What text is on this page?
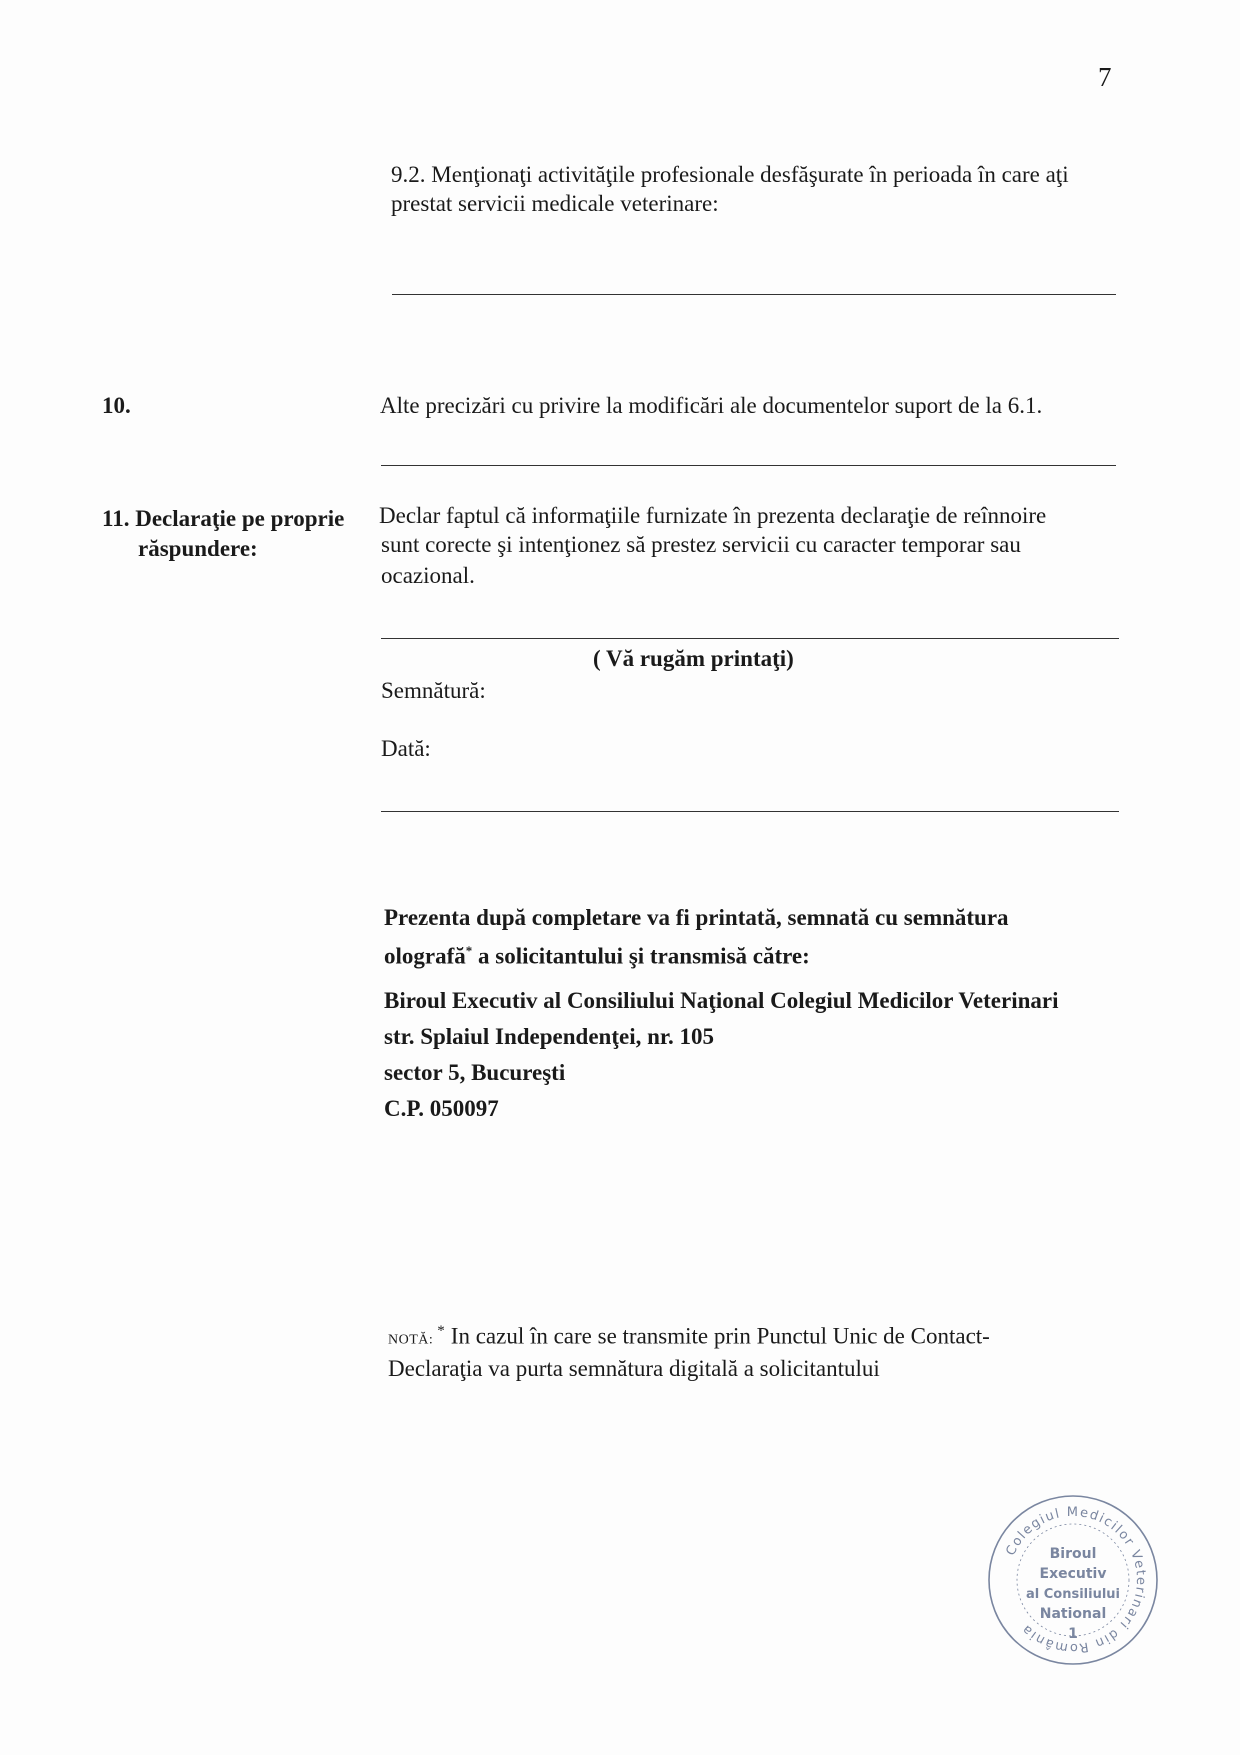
7
9.2. Menţionaţi activităţile profesionale desfăşurate în perioada în care aţi
prestat servicii medicale veterinare:
10.	Alte precizări cu privire la modificări ale documentelor suport de la 6.1.
11. Declaraţie pe proprie
răspundere:
Declar faptul că informaţiile furnizate în prezenta declaraţie de reînnoire
sunt corecte şi intenţionez să prestez servicii cu caracter temporar sau
ocazional.
( Vă rugăm printaţi)
Semnătură:
Dată:
Prezenta după completare va fi printată, semnată cu semnătura
olografă* a solicitantului şi transmisă către:
Biroul Executiv al Consiliului Naţional Colegiul Medicilor Veterinari
str. Splaiul Independenţei, nr. 105
sector 5, Bucureşti
C.P. 050097
NOTĂ:* In cazul în care se transmite prin Punctul Unic de Contact-
Declaraţia va purta semnătura digitală a solicitantului
Colegiul Medicilor Veterinari din România
Biroul
Executiv
al Consiliului
National
1
